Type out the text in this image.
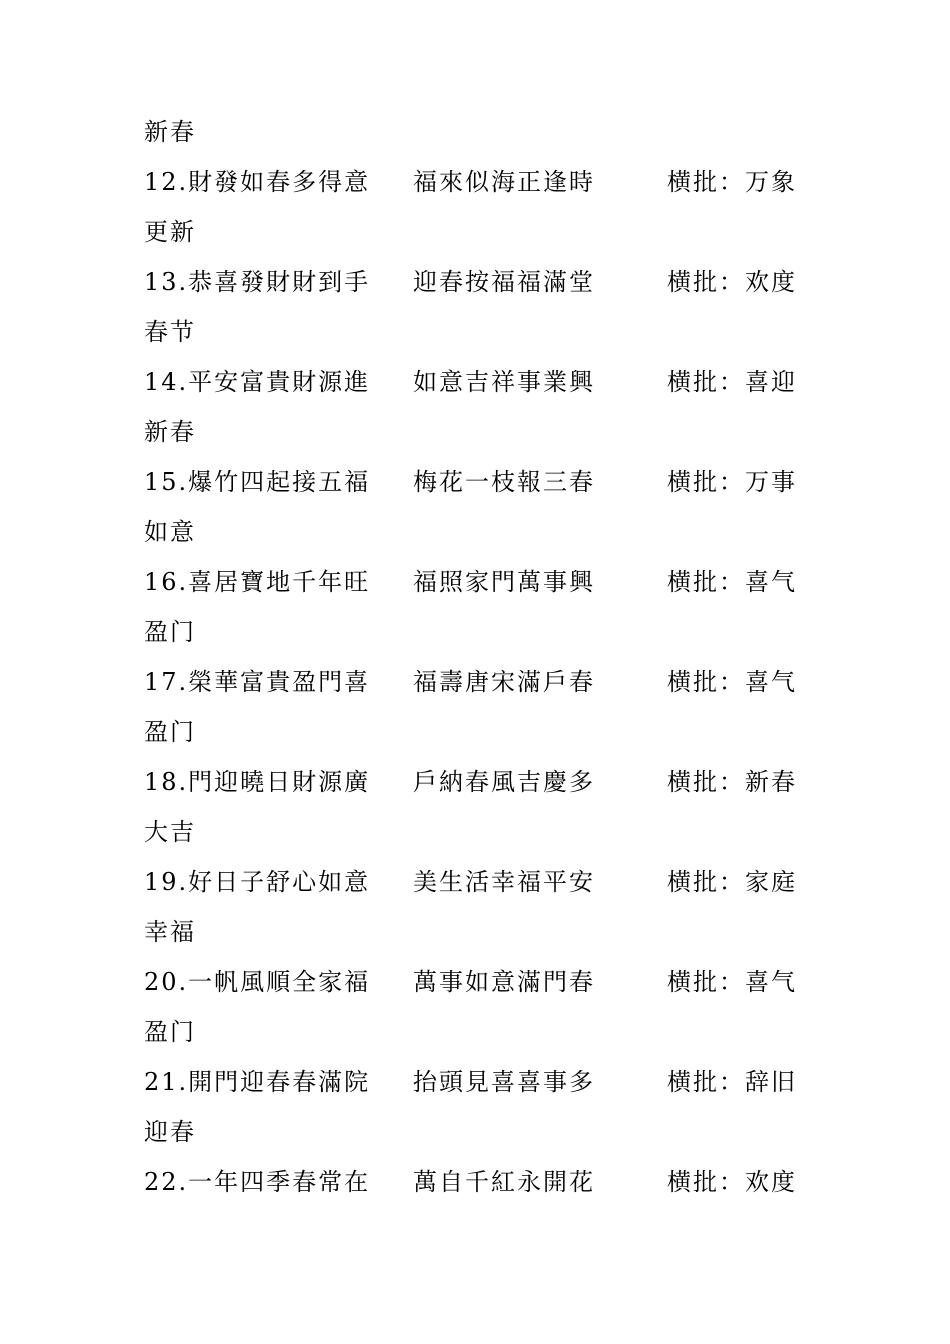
新春
12.財發如春多得意 福來似海正逢時	横批：万象
更新
13.恭喜發財財到手 迎春按福福滿堂	横批：欢度
春节
14.平安富貴財源進 如意吉祥事業興	横批：喜迎
新春
15.爆竹四起接五福 梅花一枝報三春	横批：万事
如意
16.喜居寶地千年旺 福照家門萬事興	横批：喜气
盈门
17.榮華富貴盈門喜 福壽唐宋滿戶春	横批：喜气
盈门
18.門迎曉日財源廣 戶納春風吉慶多	横批：新春
大吉
19.好日子舒心如意 美生活幸福平安	横批：家庭
幸福
20.一帆風順全家福 萬事如意滿門春	横批：喜气
盈门
21.開門迎春春滿院 抬頭見喜喜事多	横批：辞旧
迎春
22.一年四季春常在 萬自千紅永開花	横批：欢度
